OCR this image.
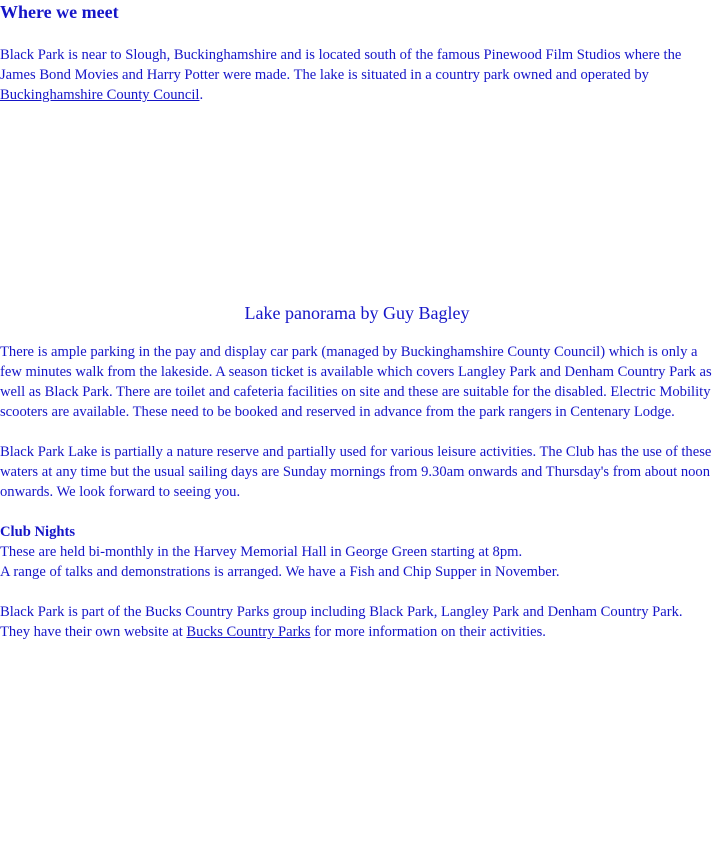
Where we meet

Black Park is near to Slough, Buckinghamshire and is located south of the famous Pinewood Film Studios where the James Bond Movies and Harry Potter were made. The lake is situated in a country park owned and operated by Buckinghamshire County Council.

Lake panorama by Guy Bagley

There is ample parking in the pay and display car park (managed by Buckinghamshire County Council) which is only a few minutes walk from the lakeside. A season ticket is available which covers Langley Park and Denham Country Park as well as Black Park. There are toilet and cafeteria facilities on site and these are suitable for the disabled. Electric Mobility scooters are available. These need to be booked and reserved in advance from the park rangers in Centenary Lodge.

Black Park Lake is partially a nature reserve and partially used for various leisure activities. The Club has the use of these waters at any time but the usual sailing days are Sunday mornings from 9.30am onwards and Thursday's from about noon onwards. We look forward to seeing you.

Club Nights

These are held bi-monthly in the Harvey Memorial Hall in George Green starting at 8pm.
A range of talks and demonstrations is arranged. We have a Fish and Chip Supper in November.

Black Park is part of the Bucks Country Parks group including Black Park, Langley Park and Denham Country Park. They have their own website at Bucks Country Parks for more information on their activities.
